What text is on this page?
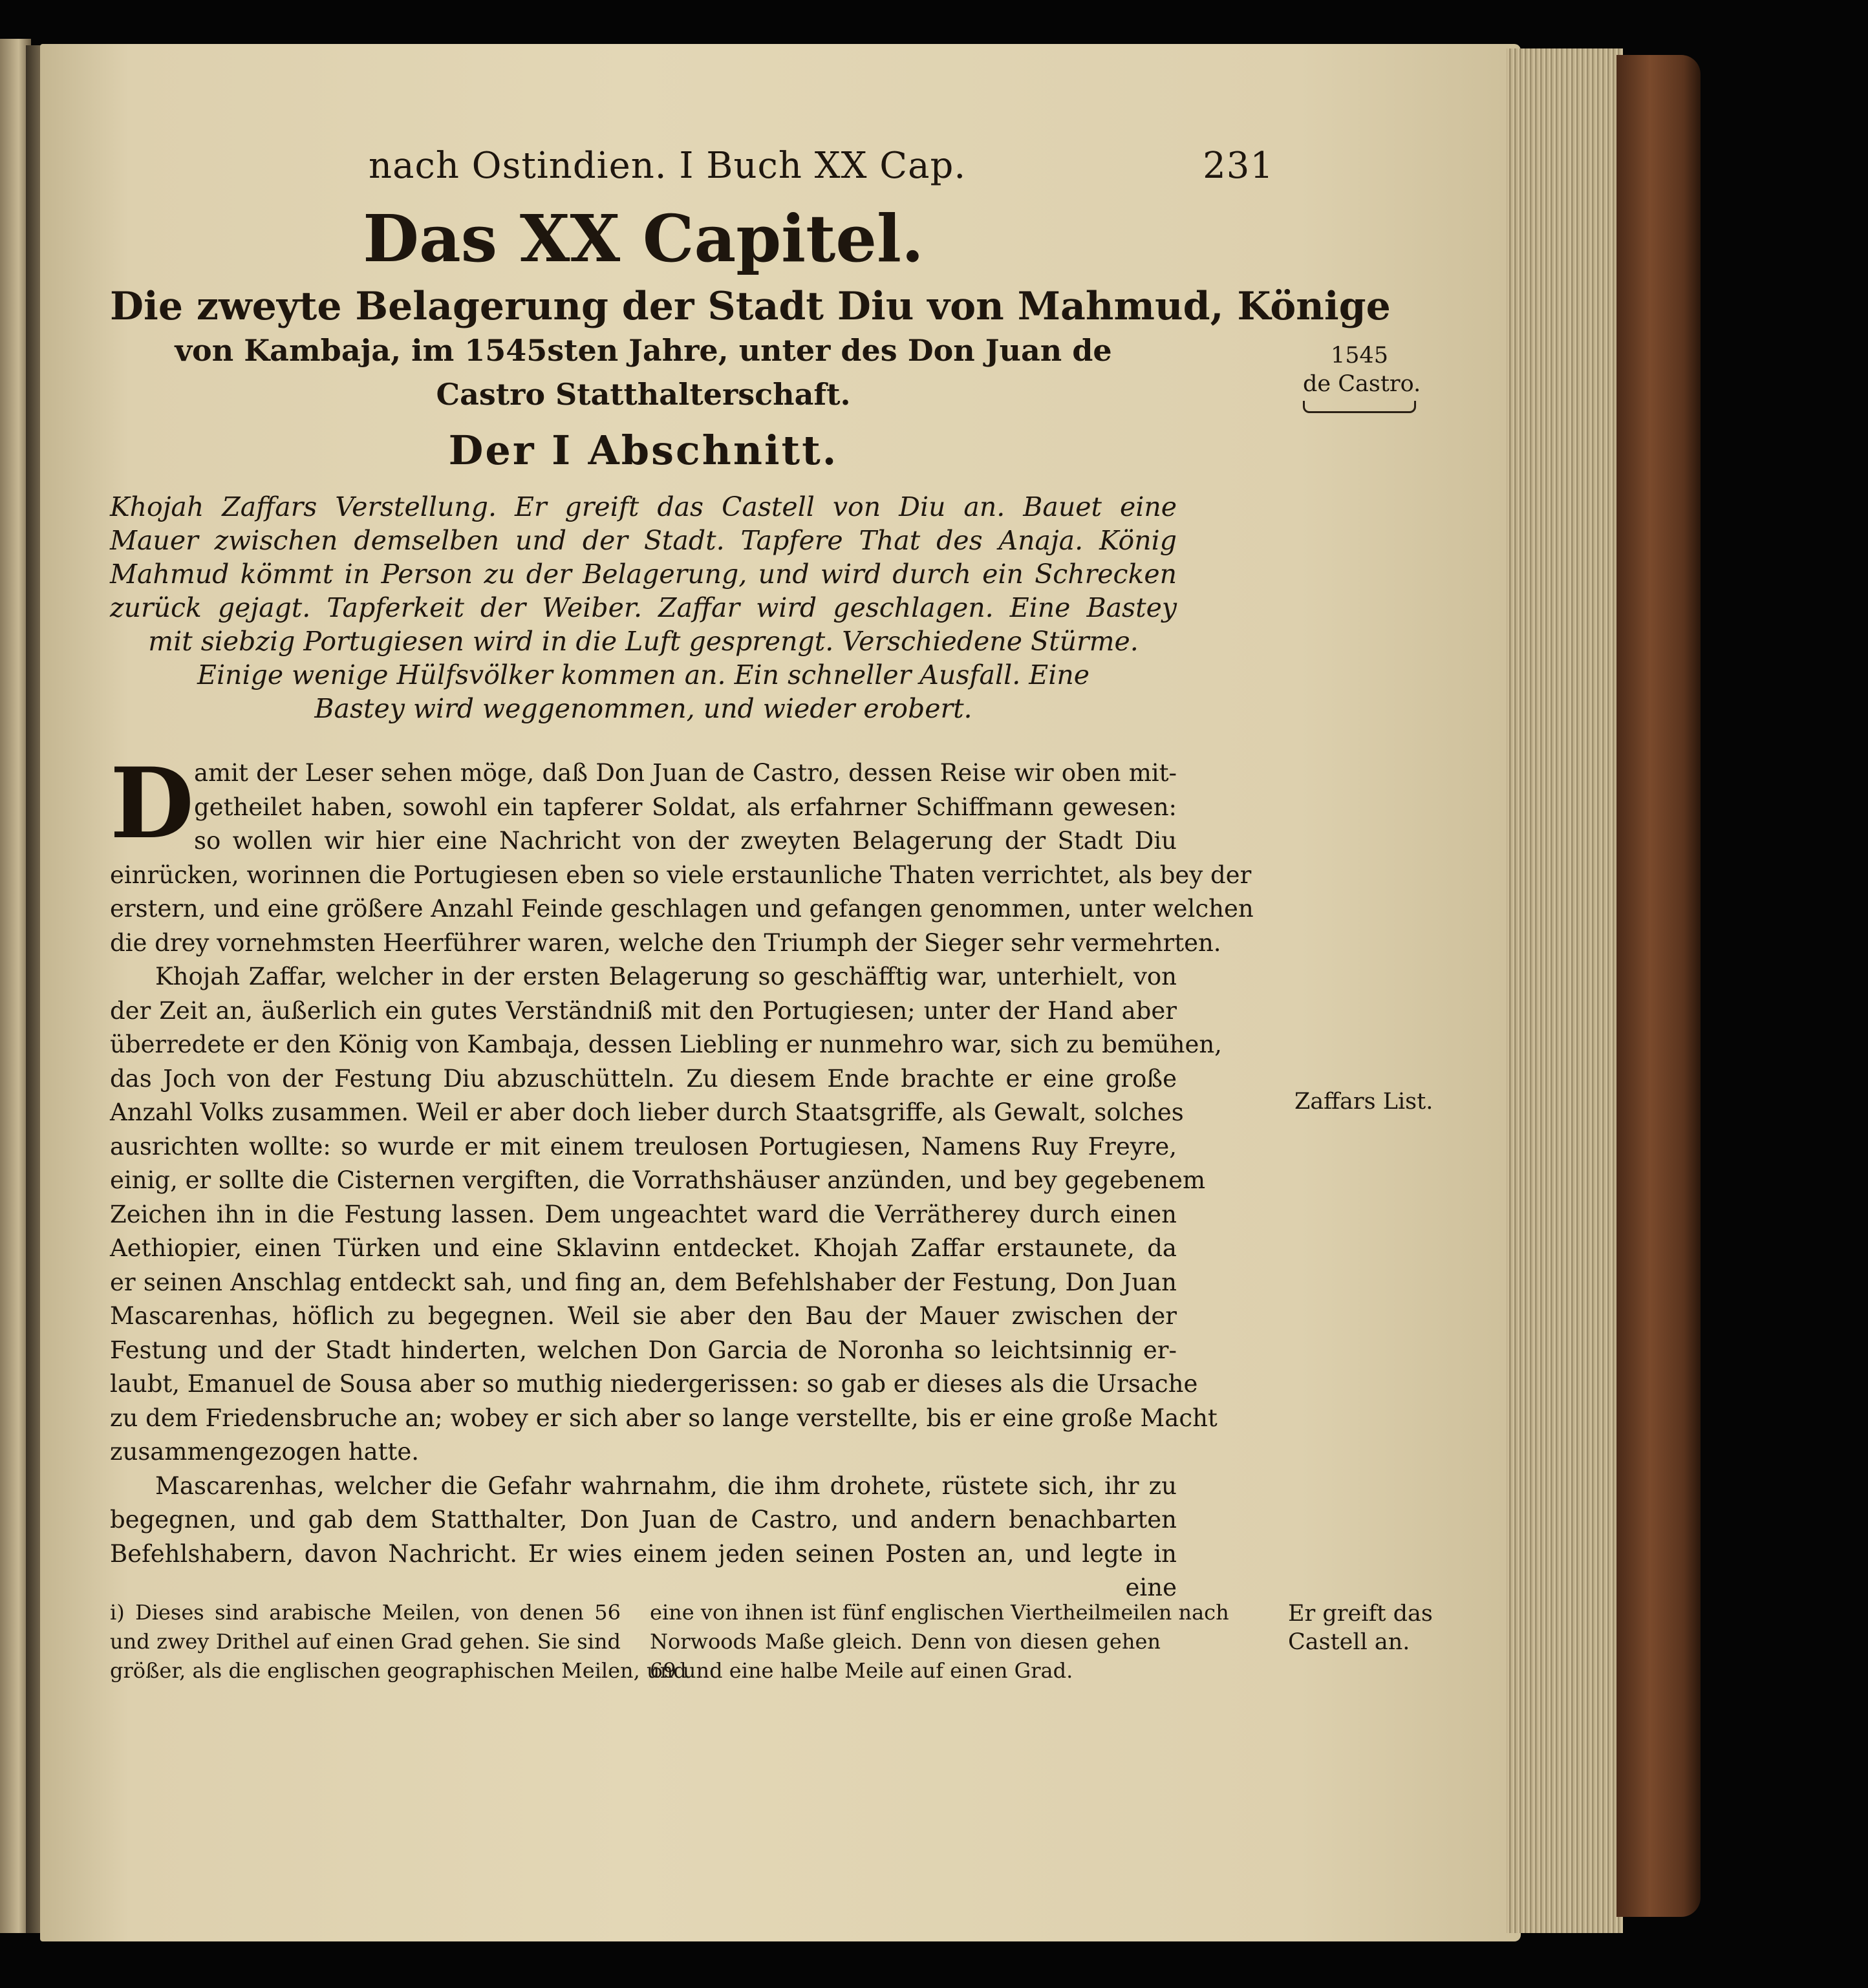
nach Ostindien. I Buch XX Cap.	231
Das XX Capitel.
Die zweyte Belagerung der Stadt Diu von Mahmud, Könige
von Kambaja, im 1545sten Jahre, unter des Don Juan de
Castro Statthalterschaft.
Der I Abschnitt.
Khojah Zaffars Verstellung. Er greift das Castell von Diu an. Bauet eine
Mauer zwischen demselben und der Stadt. Tapfere That des Anaja. König
Mahmud kömmt in Person zu der Belagerung, und wird durch ein Schrecken
zurück gejagt. Tapferkeit der Weiber. Zaffar wird geschlagen. Eine Bastey
mit siebzig Portugiesen wird in die Luft gesprengt. Verschiedene Stürme.
Einige wenige Hülfsvölker kommen an. Ein schneller Ausfall. Eine
Bastey wird weggenommen, und wieder erobert.
D amit der Leser sehen möge, daß Don Juan de Castro, dessen Reise wir oben mit-
getheilet haben, sowohl ein tapferer Soldat, als erfahrner Schiffmann gewesen:
so wollen wir hier eine Nachricht von der zweyten Belagerung der Stadt Diu
einrücken, worinnen die Portugiesen eben so viele erstaunliche Thaten verrichtet, als bey der
erstern, und eine größere Anzahl Feinde geschlagen und gefangen genommen, unter welchen
die drey vornehmsten Heerführer waren, welche den Triumph der Sieger sehr vermehrten.
Khojah Zaffar, welcher in der ersten Belagerung so geschäfftig war, unterhielt, von
der Zeit an, äußerlich ein gutes Verständniß mit den Portugiesen; unter der Hand aber
überredete er den König von Kambaja, dessen Liebling er nunmehro war, sich zu bemühen,
das Joch von der Festung Diu abzuschütteln. Zu diesem Ende brachte er eine große
Anzahl Volks zusammen. Weil er aber doch lieber durch Staatsgriffe, als Gewalt, solches
ausrichten wollte: so wurde er mit einem treulosen Portugiesen, Namens Ruy Freyre,
einig, er sollte die Cisternen vergiften, die Vorrathshäuser anzünden, und bey gegebenem
Zeichen ihn in die Festung lassen. Dem ungeachtet ward die Verrätherey durch einen
Aethiopier, einen Türken und eine Sklavinn entdecket. Khojah Zaffar erstaunete, da
er seinen Anschlag entdeckt sah, und fing an, dem Befehlshaber der Festung, Don Juan
Mascarenhas, höflich zu begegnen. Weil sie aber den Bau der Mauer zwischen der
Festung und der Stadt hinderten, welchen Don Garcia de Noronha so leichtsinnig er-
laubt, Emanuel de Sousa aber so muthig niedergerissen: so gab er dieses als die Ursache
zu dem Friedensbruche an; wobey er sich aber so lange verstellte, bis er eine große Macht
zusammengezogen hatte.
Mascarenhas, welcher die Gefahr wahrnahm, die ihm drohete, rüstete sich, ihr zu
begegnen, und gab dem Statthalter, Don Juan de Castro, und andern benachbarten
Befehlshabern, davon Nachricht. Er wies einem jeden seinen Posten an, und legte in
eine
i) Dieses sind arabische Meilen, von denen 56
und zwey Drithel auf einen Grad gehen. Sie sind
größer, als die englischen geographischen Meilen, und
eine von ihnen ist fünf englischen Viertheilmeilen nach
Norwoods Maße gleich. Denn von diesen gehen
69 und eine halbe Meile auf einen Grad.
1545
de Castro.
Zaffars List.
Er greift das
Castell an.
